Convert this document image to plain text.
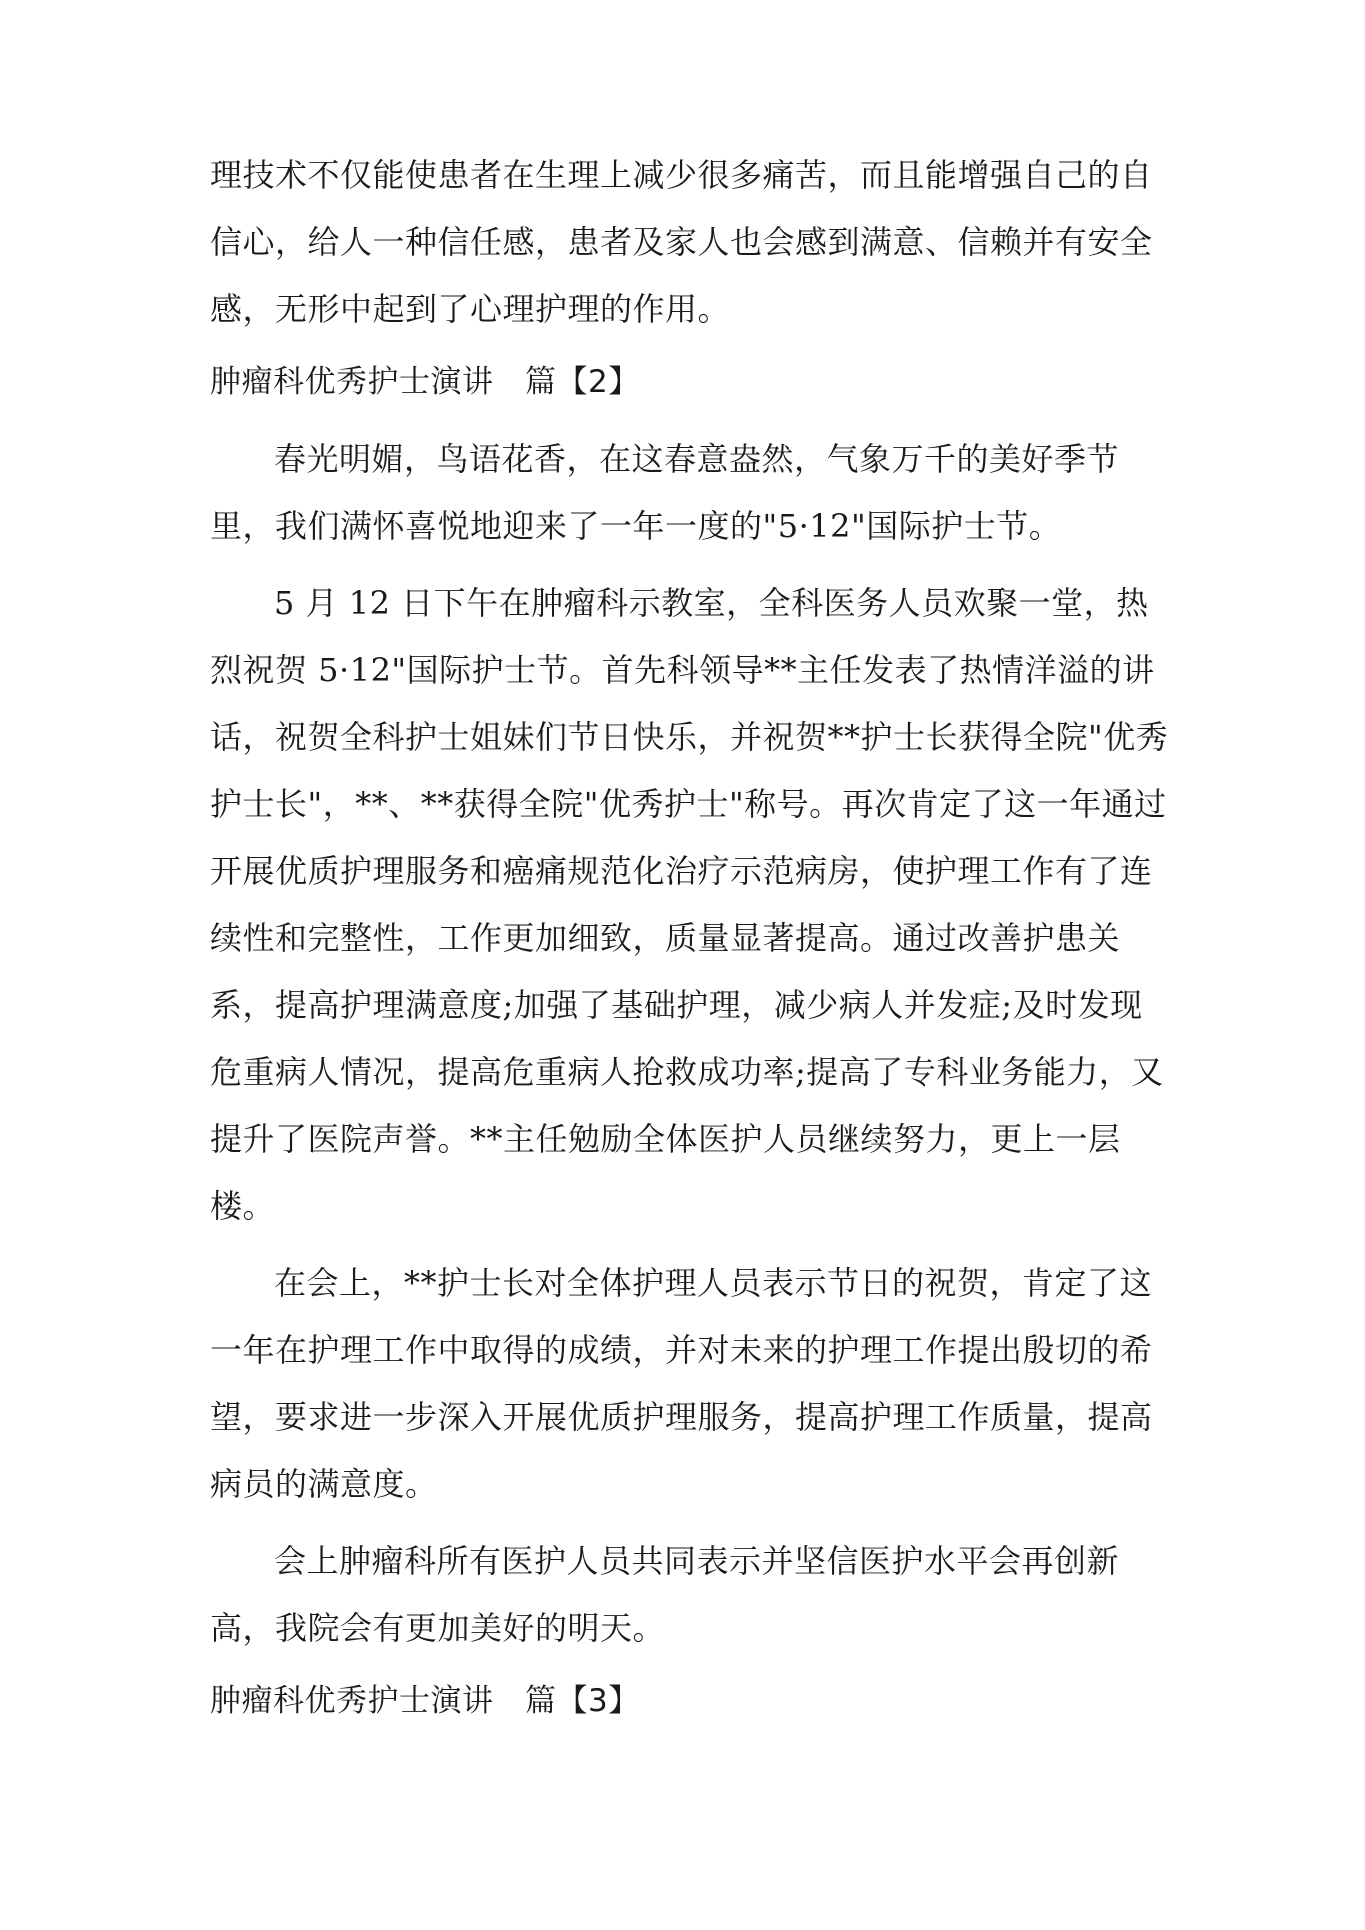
理技术不仅能使患者在生理上减少很多痛苦，而且能增强自己的自信心，给人一种信任感，患者及家人也会感到满意、信赖并有安全感，无形中起到了心理护理的作用。

肿瘤科优秀护士演讲　篇【2】

春光明媚，鸟语花香，在这春意盎然，气象万千的美好季节里，我们满怀喜悦地迎来了一年一度的"5·12"国际护士节。

5 月 12 日下午在肿瘤科示教室，全科医务人员欢聚一堂，热烈祝贺 5·12"国际护士节。首先科领导**主任发表了热情洋溢的讲话，祝贺全科护士姐妹们节日快乐，并祝贺**护士长获得全院"优秀护士长"，**、**获得全院"优秀护士"称号。再次肯定了这一年通过开展优质护理服务和癌痛规范化治疗示范病房，使护理工作有了连续性和完整性，工作更加细致，质量显著提高。通过改善护患关系，提高护理满意度;加强了基础护理，减少病人并发症;及时发现危重病人情况，提高危重病人抢救成功率;提高了专科业务能力，又提升了医院声誉。**主任勉励全体医护人员继续努力，更上一层楼。

在会上，**护士长对全体护理人员表示节日的祝贺，肯定了这一年在护理工作中取得的成绩，并对未来的护理工作提出殷切的希望，要求进一步深入开展优质护理服务，提高护理工作质量，提高病员的满意度。

会上肿瘤科所有医护人员共同表示并坚信医护水平会再创新高，我院会有更加美好的明天。

肿瘤科优秀护士演讲　篇【3】
